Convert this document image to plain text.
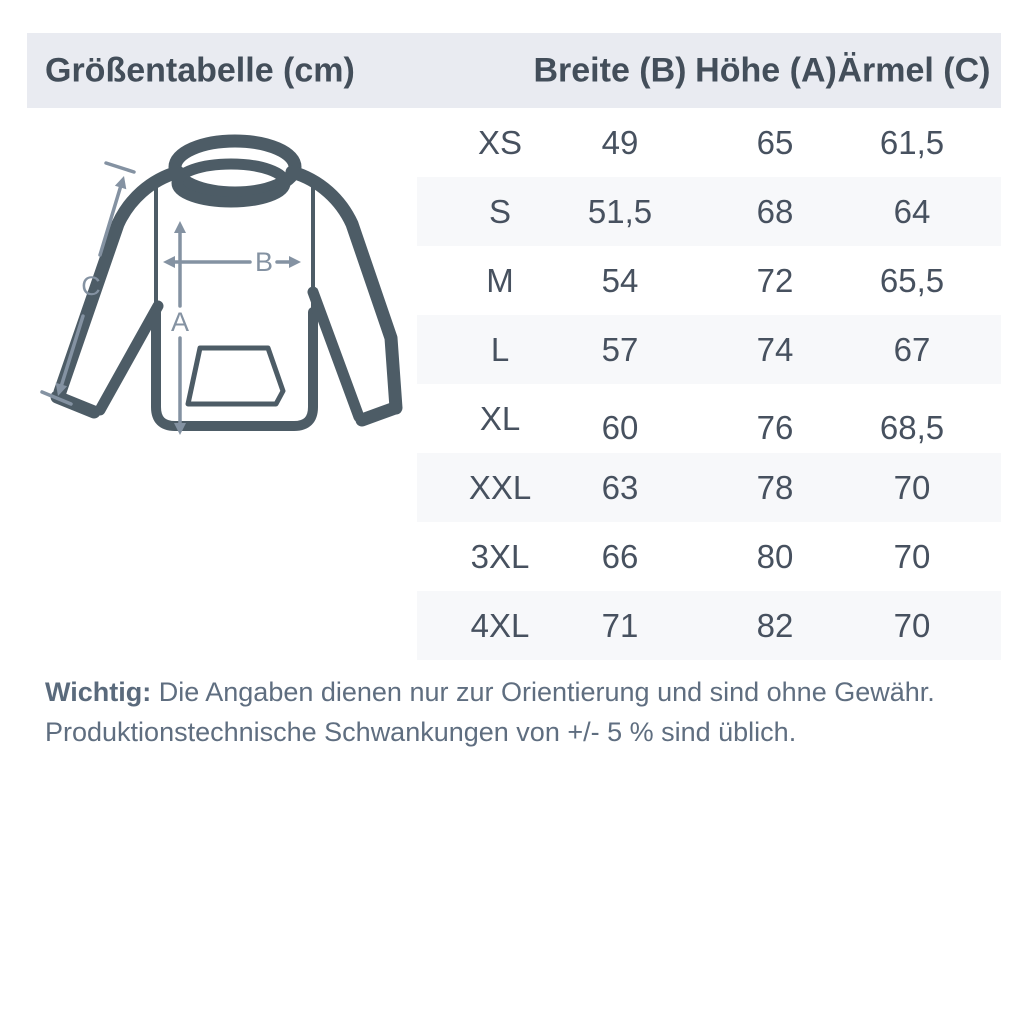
Größentabelle (cm)	Breite (B) Höhe (A) Ärmel (C)
XS 49	65	61,5
S 51,5	68	64
M	54	72	65,5
L	57	74	67
XL 60	76	68,5
XXL 63	78	70
3XL 66	80	70
4XL 71	82	70
A
B
C
Wichtig: Die Angaben dienen nur zur Orientierung und sind ohne Gewähr.
Produktionstechnische Schwankungen von +/- 5 % sind üblich.
